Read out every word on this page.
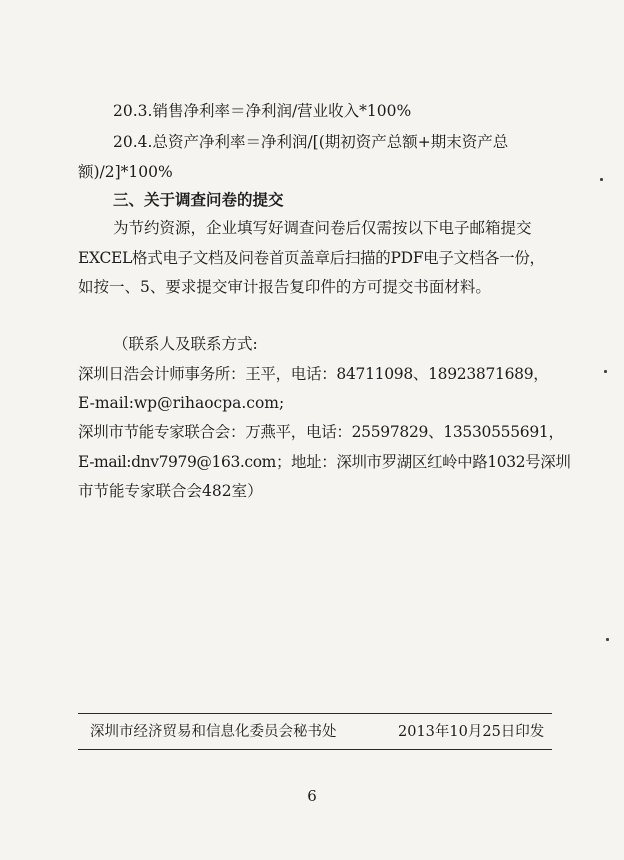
20.3.销售净利率＝净利润/营业收入*100%
20.4.总资产净利率＝净利润/[(期初资产总额+期末资产总
额)/2]*100%
三、关于调查问卷的提交
为节约资源，企业填写好调查问卷后仅需按以下电子邮箱提交
EXCEL格式电子文档及问卷首页盖章后扫描的PDF电子文档各一份，
如按一、5、要求提交审计报告复印件的方可提交书面材料。
（联系人及联系方式:
深圳日浩会计师事务所：王平，电话：84711098、18923871689，
E-mail:wp@rihaocpa.com;
深圳市节能专家联合会：万燕平，电话：25597829、13530555691，
E-mail:dnv7979@163.com；地址：深圳市罗湖区红岭中路1032号深圳
市节能专家联合会482室）
深圳市经济贸易和信息化委员会秘书处	2013年10月25日印发
6
